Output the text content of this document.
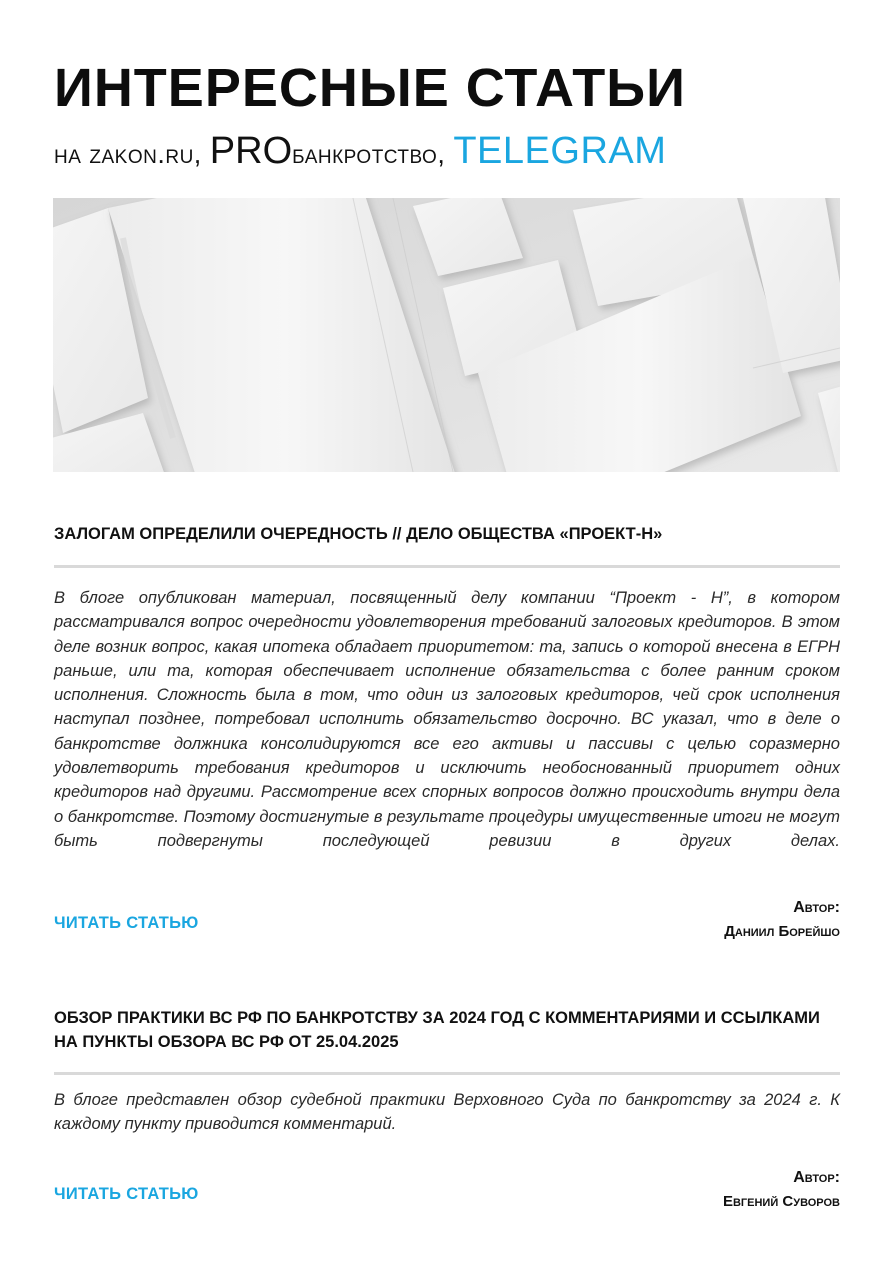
ИНТЕРЕСНЫЕ СТАТЬИ
на zakon.ru, PROбанкротство, TELEGRAM
ЗАЛОГАМ ОПРЕДЕЛИЛИ ОЧЕРЕДНОСТЬ // ДЕЛО ОБЩЕСТВА «ПРОЕКТ-Н»

В блоге опубликован материал, посвященный делу компании “Проект - Н”, в котором рассматривался вопрос очередности удовлетворения требований залоговых кредиторов. В этом деле возник вопрос, какая ипотека обладает приоритетом: та, запись о которой внесена в ЕГРН раньше, или та, которая обеспечивает исполнение обязательства с более ранним сроком исполнения. Сложность была в том, что один из залоговых кредиторов, чей срок исполнения наступал позднее, потребовал исполнить обязательство досрочно. ВС указал, что в деле о банкротстве должника консолидируются все его активы и пассивы с целью соразмерно удовлетворить требования кредиторов и исключить необоснованный приоритет одних кредиторов над другими. Рассмотрение всех спорных вопросов должно происходить внутри дела о банкротстве. Поэтому достигнутые в результате процедуры имущественные итоги не могут быть подвергнуты последующей ревизии в других делах.

ЧИТАТЬ СТАТЬЮ
Автор:
Даниил Борейшо
ОБЗОР ПРАКТИКИ ВС РФ ПО БАНКРОТСТВУ ЗА 2024 ГОД С КОММЕНТАРИЯМИ И ССЫЛКАМИ НА ПУНКТЫ ОБЗОРА ВС РФ ОТ 25.04.2025

В блоге представлен обзор судебной практики Верховного Суда по банкротству за 2024 г. К каждому пункту приводится комментарий.

ЧИТАТЬ СТАТЬЮ
Автор:
Евгений Суворов
